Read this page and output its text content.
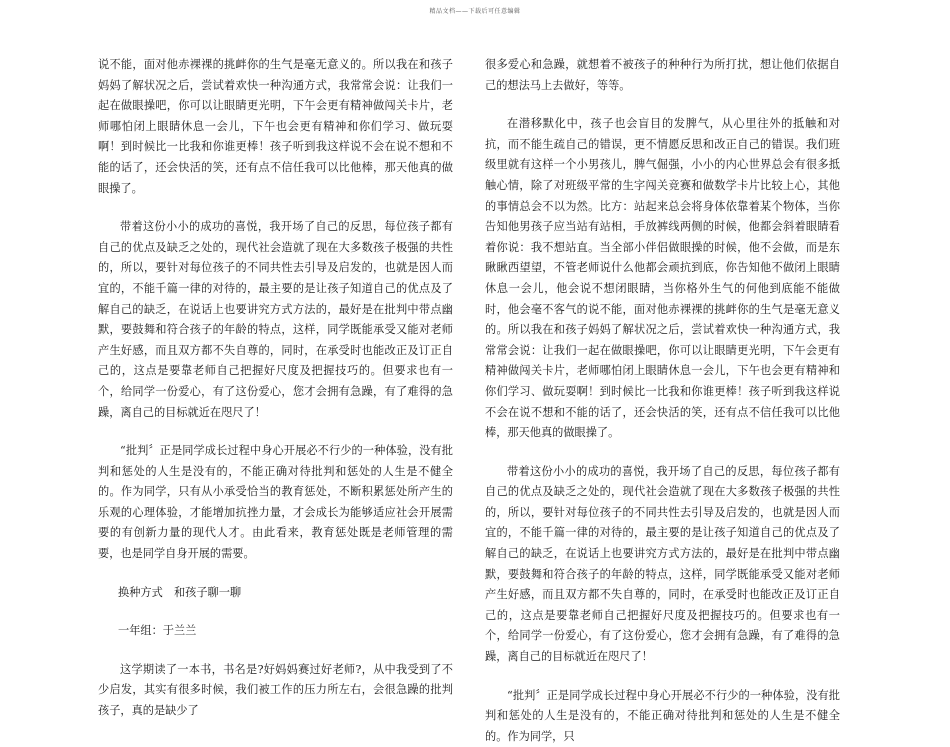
精品文档——下载后可任意编辑

说不能，面对他赤裸裸的挑衅你的生气是毫无意义的。所以我在和孩子妈妈了解状况之后，尝试着欢快一种沟通方式，我常常会说：让我们一起在做眼操吧，你可以让眼睛更光明，下午会更有精神做闯关卡片，老师哪怕闭上眼睛休息一会儿，下午也会更有精神和你们学习、做玩耍啊！到时候比一比我和你谁更棒！孩子听到我这样说不会在说不想和不能的话了，还会快活的笑，还有点不信任我可以比他棒，那天他真的做眼操了。

带着这份小小的成功的喜悦，我开场了自己的反思，每位孩子都有自己的优点及缺乏之处的，现代社会造就了现在大多数孩子极强的共性的，所以，要针对每位孩子的不同共性去引导及启发的，也就是因人而宜的，不能千篇一律的对待的，最主要的是让孩子知道自己的优点及了解自己的缺乏，在说话上也要讲究方式方法的，最好是在批判中带点幽默，要鼓舞和符合孩子的年龄的特点，这样，同学既能承受又能对老师产生好感，而且双方都不失自尊的，同时，在承受时也能改正及订正自己的，这点是要靠老师自己把握好尺度及把握技巧的。但要求也有一个，给同学一份爱心，有了这份爱心，您才会拥有急躁，有了难得的急躁，离自己的目标就近在咫尺了！

“批判〞正是同学成长过程中身心开展必不行少的一种体验，没有批判和惩处的人生是没有的，不能正确对待批判和惩处的人生是不健全的。作为同学，只有从小承受恰当的教育惩处，不断积累惩处所产生的乐观的心理体验，才能增加抗挫力量，才会成长为能够适应社会开展需要的有创新力量的现代人才。由此看来，教育惩处既是老师管理的需要，也是同学自身开展的需要。

换种方式　和孩子聊一聊

一年组：于兰兰

这学期读了一本书，书名是?好妈妈赛过好老师?，从中我受到了不少启发，其实有很多时候，我们被工作的压力所左右，会很急躁的批判孩子，真的是缺少了

很多爱心和急躁，就想着不被孩子的种种行为所打扰，想让他们依据自己的想法马上去做好，等等。

在潜移默化中，孩子也会盲目的发脾气，从心里往外的抵触和对抗，而不能生疏自己的错误，更不情愿反思和改正自己的错误。我们班级里就有这样一个小男孩儿，脾气倔强，小小的内心世界总会有很多抵触心情，除了对班级平常的生字闯关竞赛和做数学卡片比较上心，其他的事情总会不以为然。比方：站起来总会将身体依靠着某个物体，当你告知他男孩子应当站有站相，手放裤线两侧的时候，他都会斜着眼睛看着你说：我不想站直。当全部小伴侣做眼操的时候，他不会做，而是东瞅瞅西望望，不管老师说什么他都会顽抗到底，你告知他不做闭上眼睛休息一会儿，他会说不想闭眼睛，当你格外生气的何他到底能不能做时，他会毫不客气的说不能，面对他赤裸裸的挑衅你的生气是毫无意义的。所以我在和孩子妈妈了解状况之后，尝试着欢快一种沟通方式，我常常会说：让我们一起在做眼操吧，你可以让眼睛更光明，下午会更有精神做闯关卡片，老师哪怕闭上眼睛休息一会儿，下午也会更有精神和你们学习、做玩耍啊！到时候比一比我和你谁更棒！孩子听到我这样说不会在说不想和不能的话了，还会快活的笑，还有点不信任我可以比他棒，那天他真的做眼操了。

带着这份小小的成功的喜悦，我开场了自己的反思，每位孩子都有自己的优点及缺乏之处的，现代社会造就了现在大多数孩子极强的共性的，所以，要针对每位孩子的不同共性去引导及启发的，也就是因人而宜的，不能千篇一律的对待的，最主要的是让孩子知道自己的优点及了解自己的缺乏，在说话上也要讲究方式方法的，最好是在批判中带点幽默，要鼓舞和符合孩子的年龄的特点，这样，同学既能承受又能对老师产生好感，而且双方都不失自尊的，同时，在承受时也能改正及订正自己的，这点是要靠老师自己把握好尺度及把握技巧的。但要求也有一个，给同学一份爱心，有了这份爱心，您才会拥有急躁，有了难得的急躁，离自己的目标就近在咫尺了！

“批判〞正是同学成长过程中身心开展必不行少的一种体验，没有批判和惩处的人生是没有的，不能正确对待批判和惩处的人生是不健全的。作为同学，只
